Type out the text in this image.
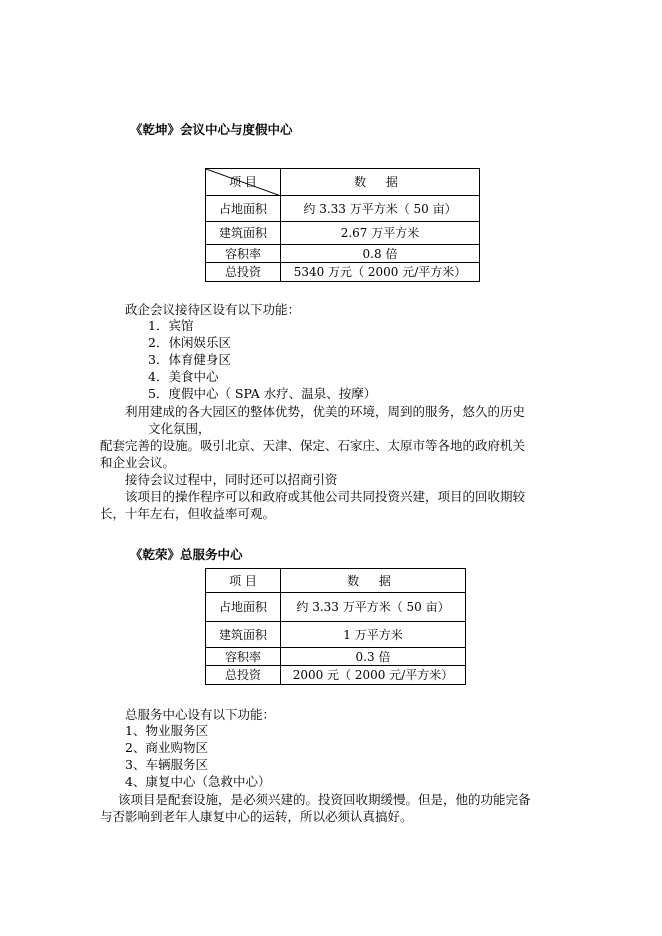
《乾坤》会议中心与度假中心
项 目	数 据
占地面积	约 3.33 万平方米（ 50 亩）
建筑面积	2.67 万平方米
容积率	0.8 倍
总投资	5340 万元（ 2000 元/平方米）
政企会议接待区设有以下功能：
1．宾馆
2．休闲娱乐区
3．体育健身区
4．美食中心
5．度假中心（ SPA 水疗、温泉、按摩）
利用建成的各大园区的整体优势，优美的环境，周到的服务，悠久的历史
文化氛围，
配套完善的设施。吸引北京、天津、保定、石家庄、太原市等各地的政府机关
和企业会议。
接待会议过程中，同时还可以招商引资
该项目的操作程序可以和政府或其他公司共同投资兴建，项目的回收期较
长，十年左右，但收益率可观。
《乾荣》总服务中心
项 目	数 据
占地面积	约 3.33 万平方米（ 50 亩）
建筑面积	1 万平方米
容积率	0.3 倍
总投资	2000 元（ 2000 元/平方米）
总服务中心设有以下功能：
1、物业服务区
2、商业购物区
3、车辆服务区
4、康复中心（急救中心）
该项目是配套设施，是必须兴建的。投资回收期缓慢。但是，他的功能完备
与否影响到老年人康复中心的运转，所以必须认真搞好。
